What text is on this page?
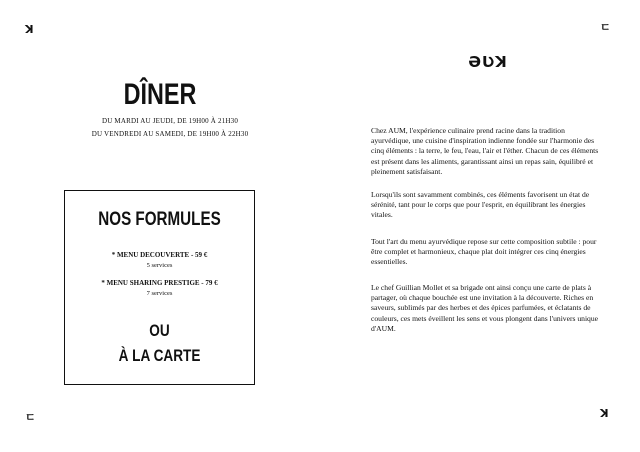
ꓘ	ㄷ
ㄷ	ꓘ
ƏƲꓘ
DÎNER
DU MARDI AU JEUDI, DE 19H00 À 21H30
DU VENDREDI AU SAMEDI, DE 19H00 À 22H30
NOS FORMULES
* MENU DECOUVERTE - 59 €
5 services
* MENU SHARING PRESTIGE - 79 €
7 services
OU
À LA CARTE

Chez AUM, l'expérience culinaire prend racine dans la tradition ayurvédique, une cuisine d'inspiration indienne fondée sur l'harmonie des cinq éléments : la terre, le feu, l'eau, l'air et l'éther. Chacun de ces éléments est présent dans les aliments, garantissant ainsi un repas sain, équilibré et pleinement satisfaisant.

Lorsqu'ils sont savamment combinés, ces éléments favorisent un état de sérénité, tant pour le corps que pour l'esprit, en équilibrant les énergies vitales.

Tout l'art du menu ayurvédique repose sur cette composition subtile : pour être complet et harmonieux, chaque plat doit intégrer ces cinq énergies essentielles.

Le chef Guillian Mollet et sa brigade ont ainsi conçu une carte de plats à partager, où chaque bouchée est une invitation à la découverte. Riches en saveurs, sublimés par des herbes et des épices parfumées, et éclatants de couleurs, ces mets éveillent les sens et vous plongent dans l'univers unique d'AUM.
